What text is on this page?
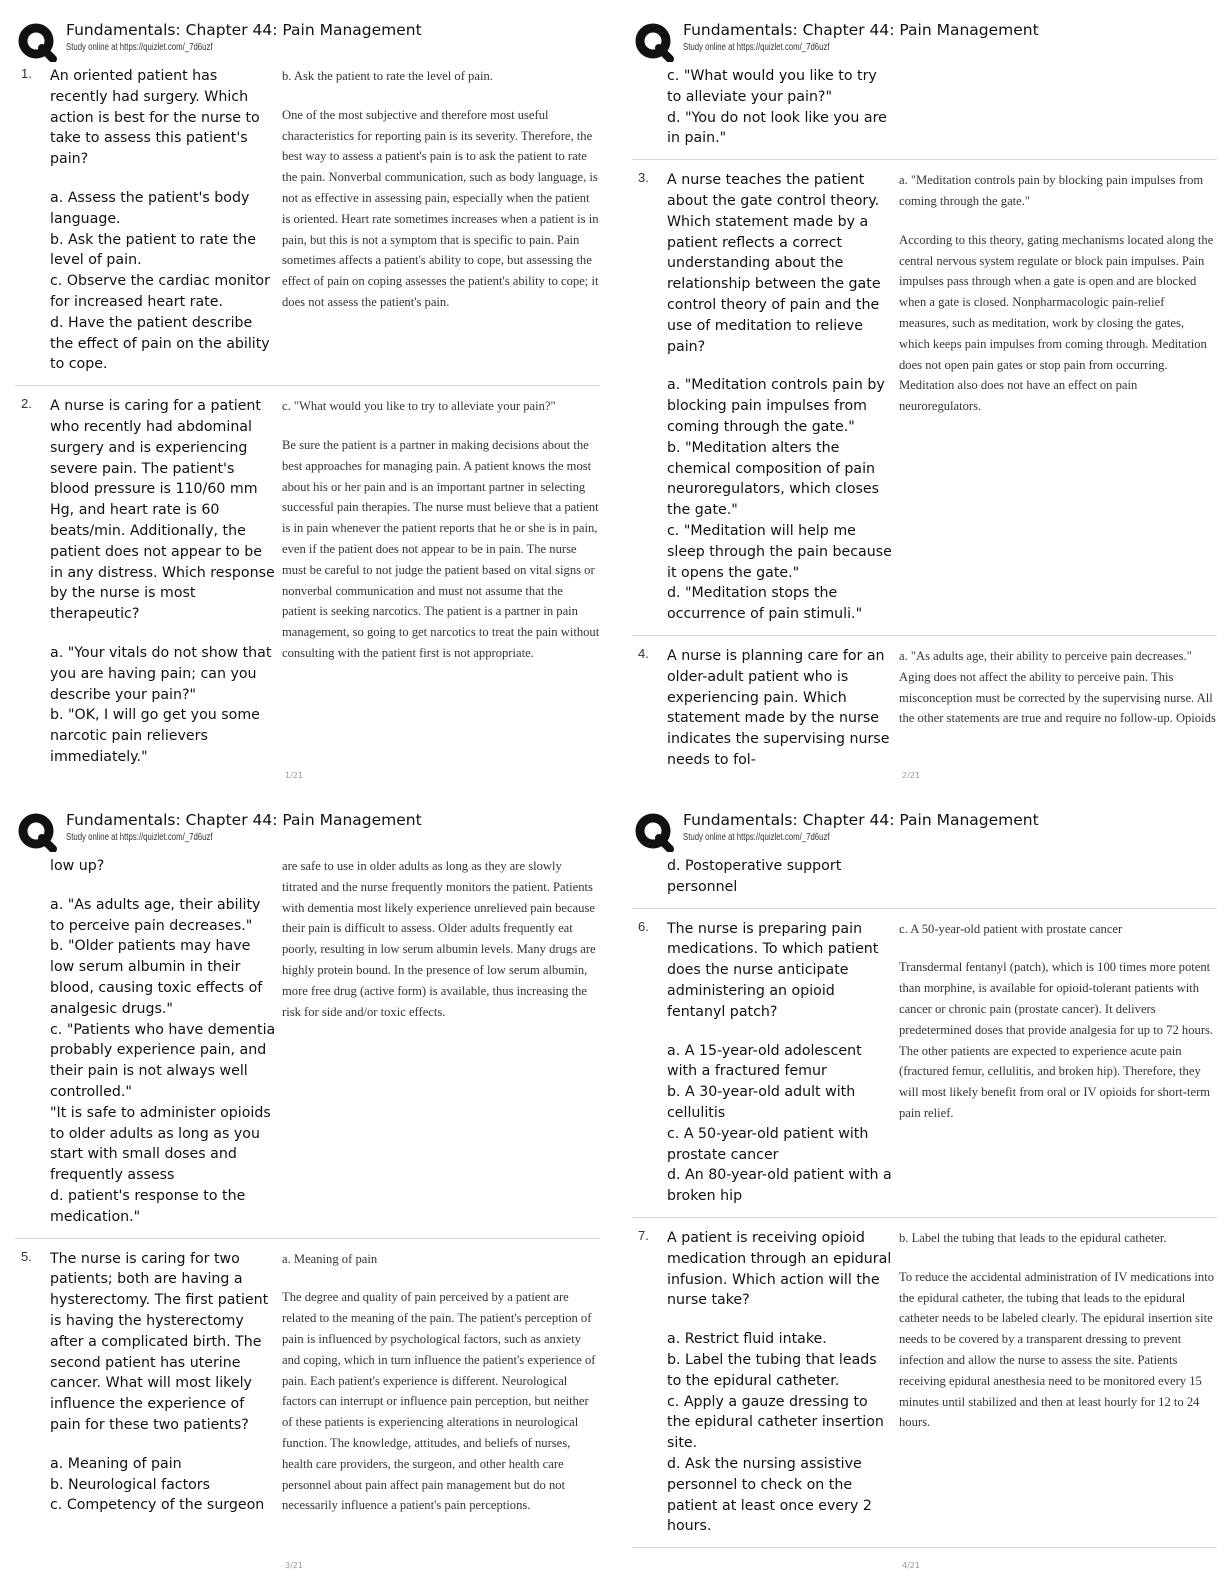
Fundamentals: Chapter 44: Pain Management
Study online at https://quizlet.com/_7d6uzf
1. An oriented patient has recently had surgery. Which action is best for the nurse to take to assess this patient's pain?
a. Assess the patient's body language.
b. Ask the patient to rate the level of pain.
c. Observe the cardiac monitor for increased heart rate.
d. Have the patient describe the effect of pain on the ability to cope.
b. Ask the patient to rate the level of pain.
One of the most subjective and therefore most useful characteristics for reporting pain is its severity. Therefore, the best way to assess a patient's pain is to ask the patient to rate the pain. Nonverbal communication, such as body language, is not as effective in assessing pain, especially when the patient is oriented. Heart rate sometimes increases when a patient is in pain, but this is not a symptom that is specific to pain. Pain sometimes affects a patient's ability to cope, but assessing the effect of pain on coping assesses the patient's ability to cope; it does not assess the patient's pain.
2. A nurse is caring for a patient who recently had abdominal surgery and is experiencing severe pain. The patient's blood pressure is 110/60 mm Hg, and heart rate is 60 beats/min. Additionally, the patient does not appear to be in any distress. Which response by the nurse is most therapeutic?
a. "Your vitals do not show that you are having pain; can you describe your pain?"
b. "OK, I will go get you some narcotic pain relievers immediately."
c. "What would you like to try to alleviate your pain?"
Be sure the patient is a partner in making decisions about the best approaches for managing pain. A patient knows the most about his or her pain and is an important partner in selecting successful pain therapies. The nurse must believe that a patient is in pain whenever the patient reports that he or she is in pain, even if the patient does not appear to be in pain. The nurse must be careful to not judge the patient based on vital signs or nonverbal communication and must not assume that the patient is seeking narcotics. The patient is a partner in pain management, so going to get narcotics to treat the pain without consulting with the patient first is not appropriate.
1/21
Fundamentals: Chapter 44: Pain Management
Study online at https://quizlet.com/_7d6uzf
c. "What would you like to try to alleviate your pain?"
d. "You do not look like you are in pain."
3. A nurse teaches the patient about the gate control theory. Which statement made by a patient reflects a correct understanding about the relationship between the gate control theory of pain and the use of meditation to relieve pain?
a. "Meditation controls pain by blocking pain impulses from coming through the gate."
b. "Meditation alters the chemical composition of pain neuroregulators, which closes the gate."
c. "Meditation will help me sleep through the pain because it opens the gate."
d. "Meditation stops the occurrence of pain stimuli."
a. "Meditation controls pain by blocking pain impulses from coming through the gate."
According to this theory, gating mechanisms located along the central nervous system regulate or block pain impulses. Pain impulses pass through when a gate is open and are blocked when a gate is closed. Nonpharmacologic pain-relief measures, such as meditation, work by closing the gates, which keeps pain impulses from coming through. Meditation does not open pain gates or stop pain from occurring. Meditation also does not have an effect on pain neuroregulators.
4. A nurse is planning care for an older-adult patient who is experiencing pain. Which statement made by the nurse indicates the supervising nurse needs to fol-
a. "As adults age, their ability to perceive pain decreases."
Aging does not affect the ability to perceive pain. This misconception must be corrected by the supervising nurse. All the other statements are true and require no follow-up. Opioids
2/21
Fundamentals: Chapter 44: Pain Management
Study online at https://quizlet.com/_7d6uzf
low up?
a. "As adults age, their ability to perceive pain decreases."
b. "Older patients may have low serum albumin in their blood, causing toxic effects of analgesic drugs."
c. "Patients who have dementia probably experience pain, and their pain is not always well controlled."
"It is safe to administer opioids to older adults as long as you start with small doses and frequently assess
d. patient's response to the medication."
are safe to use in older adults as long as they are slowly titrated and the nurse frequently monitors the patient. Patients with dementia most likely experience unrelieved pain because their pain is difficult to assess. Older adults frequently eat poorly, resulting in low serum albumin levels. Many drugs are highly protein bound. In the presence of low serum albumin, more free drug (active form) is available, thus increasing the risk for side and/or toxic effects.
5. The nurse is caring for two patients; both are having a hysterectomy. The first patient is having the hysterectomy after a complicated birth. The second patient has uterine cancer. What will most likely influence the experience of pain for these two patients?
a. Meaning of pain
b. Neurological factors
c. Competency of the surgeon
a. Meaning of pain
The degree and quality of pain perceived by a patient are related to the meaning of the pain. The patient's perception of pain is influenced by psychological factors, such as anxiety and coping, which in turn influence the patient's experience of pain. Each patient's experience is different. Neurological factors can interrupt or influence pain perception, but neither of these patients is experiencing alterations in neurological function. The knowledge, attitudes, and beliefs of nurses, health care providers, the surgeon, and other health care personnel about pain affect pain management but do not necessarily influence a patient's pain perceptions.
3/21
Fundamentals: Chapter 44: Pain Management
Study online at https://quizlet.com/_7d6uzf
d. Postoperative support personnel
6. The nurse is preparing pain medications. To which patient does the nurse anticipate administering an opioid fentanyl patch?
a. A 15-year-old adolescent with a fractured femur
b. A 30-year-old adult with cellulitis
c. A 50-year-old patient with prostate cancer
d. An 80-year-old patient with a broken hip
c. A 50-year-old patient with prostate cancer
Transdermal fentanyl (patch), which is 100 times more potent than morphine, is available for opioid-tolerant patients with cancer or chronic pain (prostate cancer). It delivers predetermined doses that provide analgesia for up to 72 hours. The other patients are expected to experience acute pain (fractured femur, cellulitis, and broken hip). Therefore, they will most likely benefit from oral or IV opioids for short-term pain relief.
7. A patient is receiving opioid medication through an epidural infusion. Which action will the nurse take?
a. Restrict fluid intake.
b. Label the tubing that leads to the epidural catheter.
c. Apply a gauze dressing to the epidural catheter insertion site.
d. Ask the nursing assistive personnel to check on the patient at least once every 2 hours.
b. Label the tubing that leads to the epidural catheter.
To reduce the accidental administration of IV medications into the epidural catheter, the tubing that leads to the epidural catheter needs to be labeled clearly. The epidural insertion site needs to be covered by a transparent dressing to prevent infection and allow the nurse to assess the site. Patients receiving epidural anesthesia need to be monitored every 15 minutes until stabilized and then at least hourly for 12 to 24 hours.
4/21
